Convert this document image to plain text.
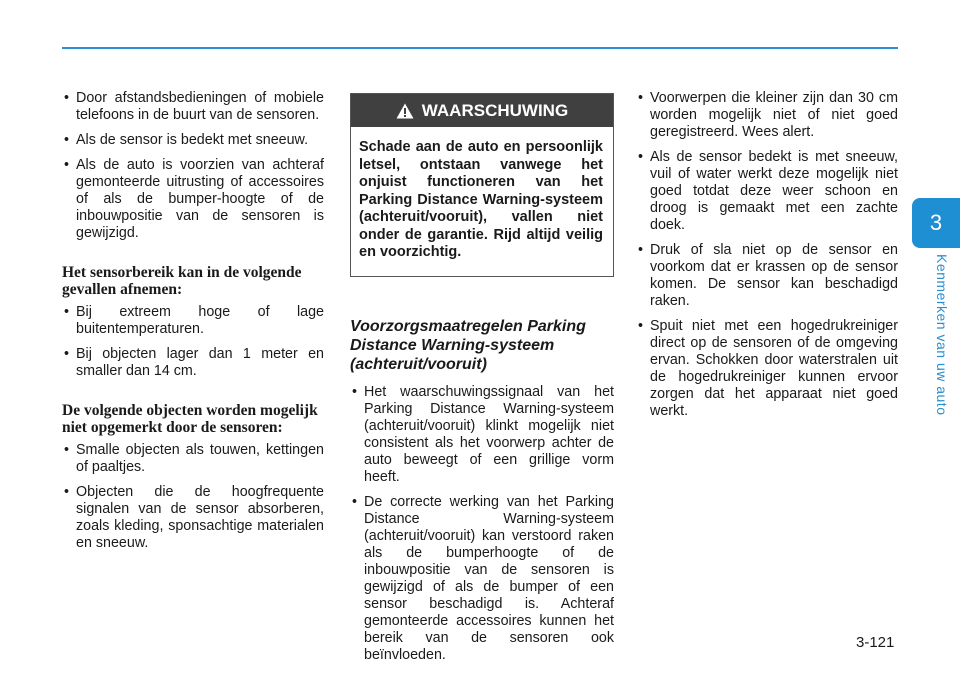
3
Kenmerken van uw auto
• Door afstandsbedieningen of mobiele telefoons in de buurt van de sensoren.
• Als de sensor is bedekt met sneeuw.
• Als de auto is voorzien van achteraf gemonteerde uitrusting of accessoires of als de bumper-hoogte of de inbouwpositie van de sensoren is gewijzigd.
Het sensorbereik kan in de volgende gevallen afnemen:
• Bij extreem hoge of lage buitentemperaturen.
• Bij objecten lager dan 1 meter en smaller dan 14 cm.
De volgende objecten worden mogelijk niet opgemerkt door de sensoren:
• Smalle objecten als touwen, kettingen of paaltjes.
• Objecten die de hoogfrequente signalen van de sensor absorberen, zoals kleding, sponsachtige materialen en sneeuw.
WAARSCHUWING
Schade aan de auto en persoonlijk letsel, ontstaan vanwege het onjuist functioneren van het Parking Distance Warning-systeem (achteruit/vooruit), vallen niet onder de garantie. Rijd altijd veilig en voorzichtig.
Voorzorgsmaatregelen Parking Distance Warning-systeem (achteruit/vooruit)
• Het waarschuwingssignaal van het Parking Distance Warning-systeem (achteruit/vooruit) klinkt mogelijk niet consistent als het voorwerp achter de auto beweegt of een grillige vorm heeft.
• De correcte werking van het Parking Distance Warning-systeem (achteruit/vooruit) kan verstoord raken als de bumperhoogte of de inbouwpositie van de sensoren is gewijzigd of als de bumper of een sensor beschadigd is. Achteraf gemonteerde accessoires kunnen het bereik van de sensoren ook beïnvloeden.
• Voorwerpen die kleiner zijn dan 30 cm worden mogelijk niet of niet goed geregistreerd. Wees alert.
• Als de sensor bedekt is met sneeuw, vuil of water werkt deze mogelijk niet goed totdat deze weer schoon en droog is gemaakt met een zachte doek.
• Druk of sla niet op de sensor en voorkom dat er krassen op de sensor komen. De sensor kan beschadigd raken.
• Spuit niet met een hogedrukreiniger direct op de sensoren of de omgeving ervan. Schokken door waterstralen uit de hogedrukreiniger kunnen ervoor zorgen dat het apparaat niet goed werkt.
3-121
